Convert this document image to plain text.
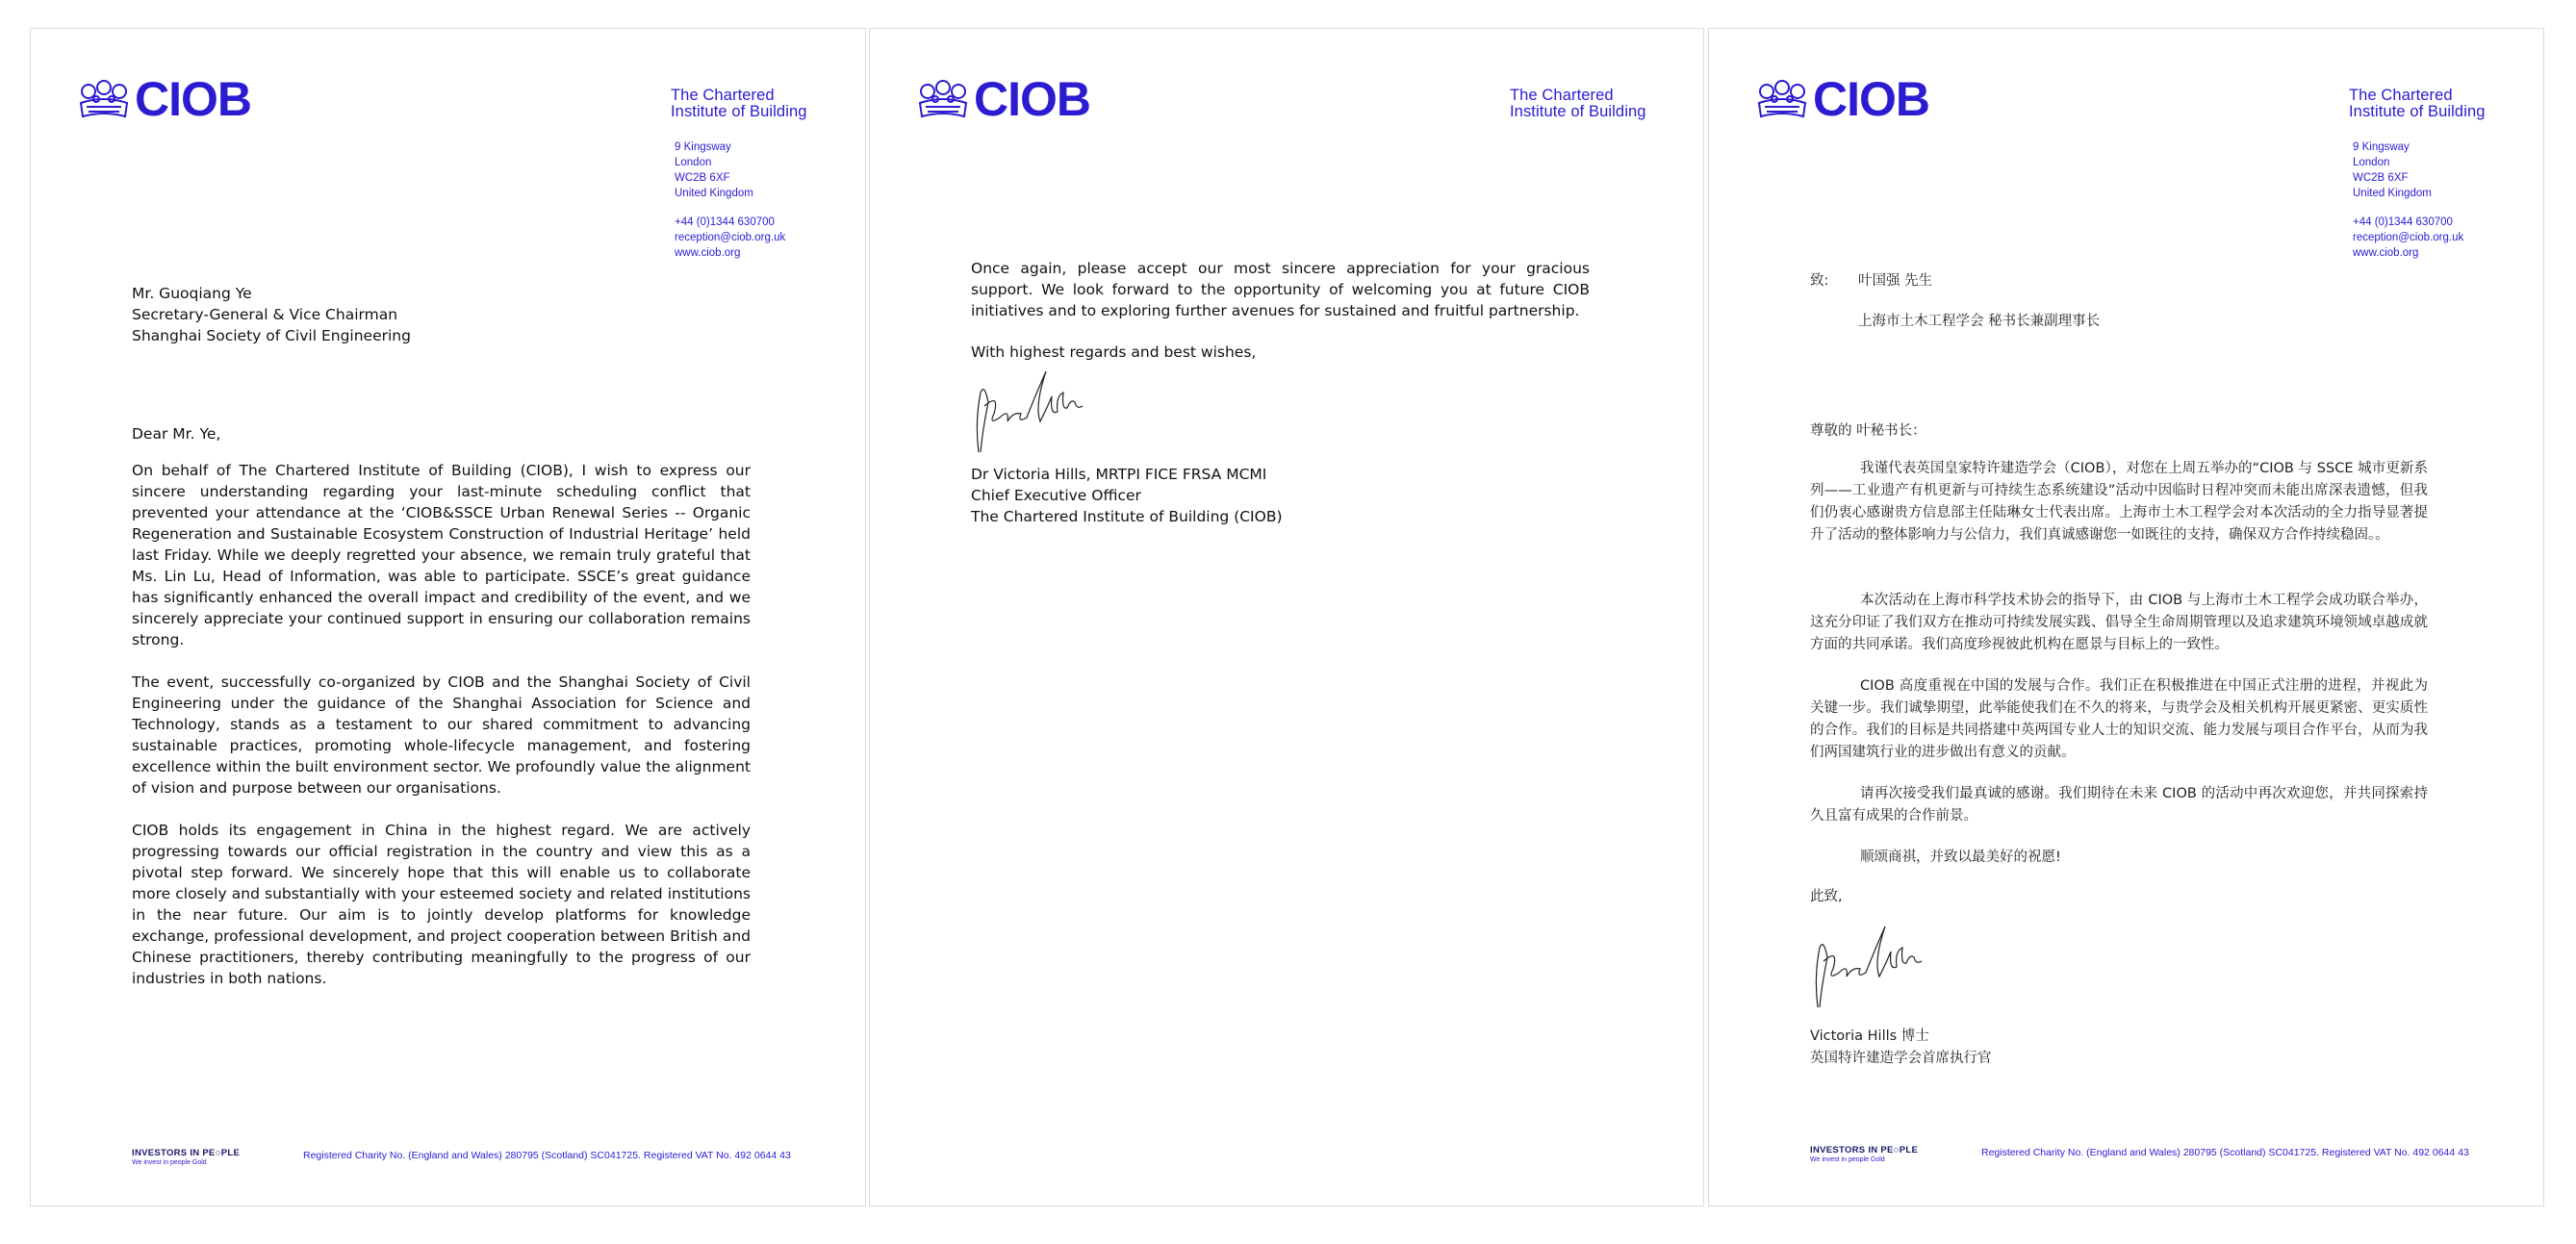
CIOB	The Chartered
Institute of Building
9 Kingsway
London
WC2B 6XF
United Kingdom
+44 (0)1344 630700
reception@ciob.org.uk
www.ciob.org
Mr. Guoqiang Ye
Secretary-General & Vice Chairman
Shanghai Society of Civil Engineering
Dear Mr. Ye,

On behalf of The Chartered Institute of Building (CIOB), I wish to express our sincere understanding regarding your last-minute scheduling conflict that prevented your attendance at the ‘CIOB&SSCE Urban Renewal Series -- Organic Regeneration and Sustainable Ecosystem Construction of Industrial Heritage’ held last Friday. While we deeply regretted your absence, we remain truly grateful that Ms. Lin Lu, Head of Information, was able to participate. SSCE’s great guidance has significantly enhanced the overall impact and credibility of the event, and we sincerely appreciate your continued support in ensuring our collaboration remains strong.

The event, successfully co-organized by CIOB and the Shanghai Society of Civil Engineering under the guidance of the Shanghai Association for Science and Technology, stands as a testament to our shared commitment to advancing sustainable practices, promoting whole-lifecycle management, and fostering excellence within the built environment sector. We profoundly value the alignment of vision and purpose between our organisations.

CIOB holds its engagement in China in the highest regard. We are actively progressing towards our official registration in the country and view this as a pivotal step forward. We sincerely hope that this will enable us to collaborate more closely and substantially with your esteemed society and related institutions in the near future. Our aim is to jointly develop platforms for knowledge exchange, professional development, and project cooperation between British and Chinese practitioners, thereby contributing meaningfully to the progress of our industries in both nations.

INVESTORS IN PE○PLE
We invest in people Gold
Registered Charity No. (England and Wales) 280795 (Scotland) SC041725. Registered VAT No. 492 0644 43
CIOB	The Chartered
Institute of Building

Once again, please accept our most sincere appreciation for your gracious support. We look forward to the opportunity of welcoming you at future CIOB initiatives and to exploring further avenues for sustained and fruitful partnership.

With highest regards and best wishes,
Dr Victoria Hills, MRTPI FICE FRSA MCMI
Chief Executive Officer
The Chartered Institute of Building (CIOB)
CIOB	The Chartered
Institute of Building
9 Kingsway
London
WC2B 6XF
United Kingdom
+44 (0)1344 630700
reception@ciob.org.uk
www.ciob.org
致: 叶国强 先生
上海市土木工程学会 秘书长兼副理事长
尊敬的 叶秘书长：

我谨代表英国皇家特许建造学会（CIOB），对您在上周五举办的“CIOB 与 SSCE 城市更新系列——工业遗产有机更新与可持续生态系统建设”活动中因临时日程冲突而未能出席深表遗憾，但我们仍衷心感谢贵方信息部主任陆琳女士代表出席。上海市土木工程学会对本次活动的全力指导显著提升了活动的整体影响力与公信力，我们真诚感谢您一如既往的支持，确保双方合作持续稳固。。

本次活动在上海市科学技术协会的指导下，由 CIOB 与上海市土木工程学会成功联合举办，这充分印证了我们双方在推动可持续发展实践、倡导全生命周期管理以及追求建筑环境领域卓越成就方面的共同承诺。我们高度珍视彼此机构在愿景与目标上的一致性。

CIOB 高度重视在中国的发展与合作。我们正在积极推进在中国正式注册的进程，并视此为关键一步。我们诚挚期望，此举能使我们在不久的将来，与贵学会及相关机构开展更紧密、更实质性的合作。我们的目标是共同搭建中英两国专业人士的知识交流、能力发展与项目合作平台，从而为我们两国建筑行业的进步做出有意义的贡献。

请再次接受我们最真诚的感谢。我们期待在未来 CIOB 的活动中再次欢迎您，并共同探索持久且富有成果的合作前景。

顺颂商祺，并致以最美好的祝愿!

此致,
Victoria Hills 博士
英国特许建造学会首席执行官
INVESTORS IN PE○PLE
We invest in people Gold
Registered Charity No. (England and Wales) 280795 (Scotland) SC041725. Registered VAT No. 492 0644 43
